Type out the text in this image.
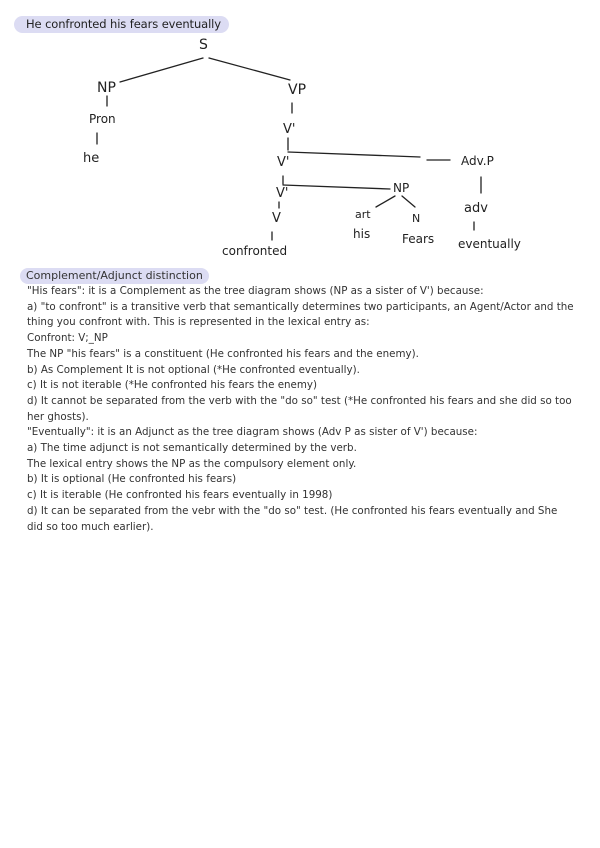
He confronted his fears eventually
S
NP
Pron
he
VP
V'
V'
V'
V
confronted
NP
art
his
N
Fears
Adv.P
adv
eventually
Complement/Adjunct distinction

"His fears": it is a Complement as the tree diagram shows (NP as a sister of V') because:

a) "to confront" is a transitive verb that semantically determines two participants, an Agent/Actor and the thing you confront with. This is represented in the lexical entry as:

Confront: V;_NP

The NP "his fears" is a constituent (He confronted his fears and the enemy).

b) As Complement It is not optional (*He confronted eventually).

c) It is not iterable (*He confronted his fears the enemy)

d) It cannot be separated from the verb with the "do so" test (*He confronted his fears and she did so too her ghosts).

"Eventually": it is an Adjunct as the tree diagram shows (Adv P as sister of V') because:

a) The time adjunct is not semantically determined by the verb.

The lexical entry shows the NP as the compulsory element only.

b) It is optional (He confronted his fears)

c) It is iterable (He confronted his fears eventually in 1998)

d) It can be separated from the vebr with the "do so" test. (He confronted his fears eventually and She did so too much earlier).
